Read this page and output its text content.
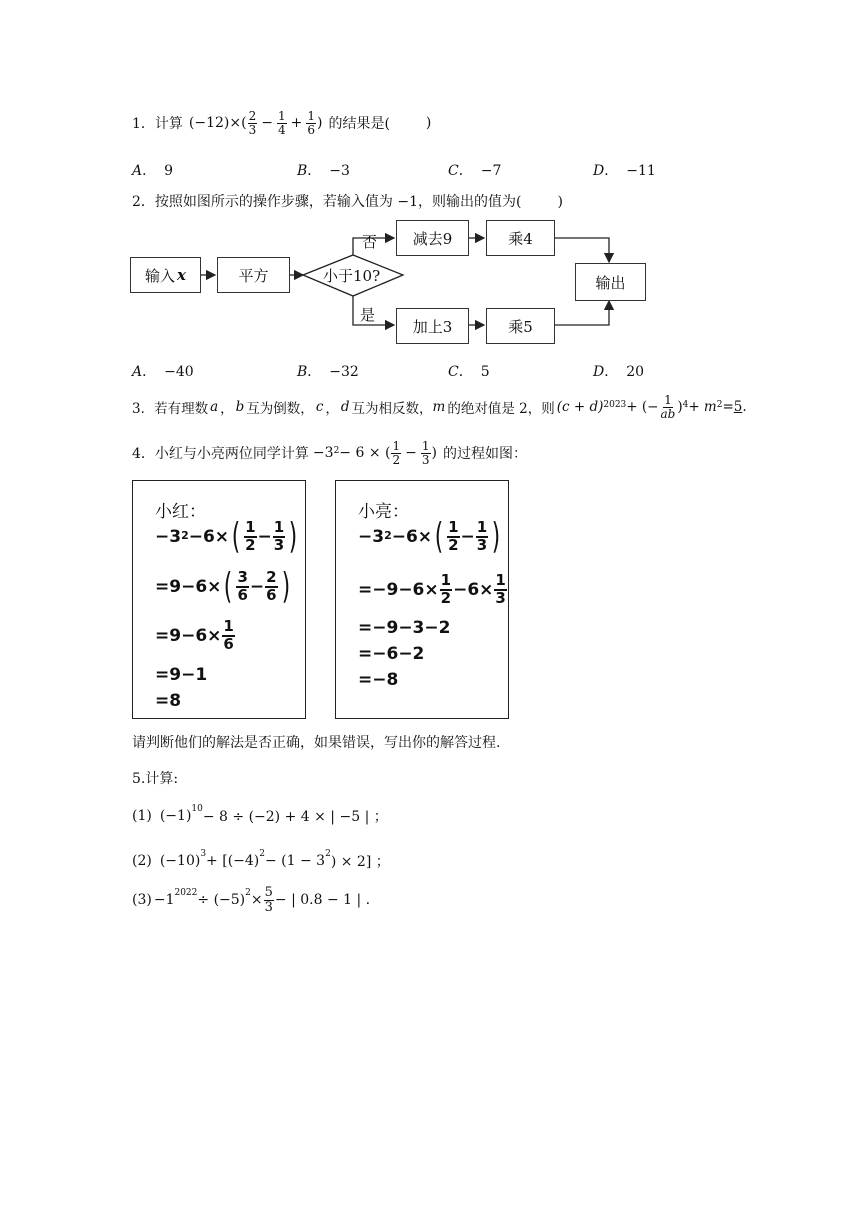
1． 计算 $(-12)\times( \frac{2}{3} - \frac{1}{4} + \frac{1}{6}$ ) 的结果是(	)
A． 9	B． −3	C． −7	D． −11
2．按照如图所示的操作步骤，若输入值为 −1，则输出的值为(	)
输入 x	平方	小于10?
否
是
减去9	乘4
加上3	乘5
输出
A． −40	B． −32	C． 5	D． 20
3．若有理数 a ， b 互为倒数， c ， d 互为相反数， m 的绝对值是 2，则 (c + d) 2023 + (− $\frac{1}{ab}$ ) 4 + m 2 = 5 .
4．小红与小亮两位同学计算 −3 2 − 6 × ( $\frac{1}{2} - \frac{1}{3}$ ) 的过程如图：
小红：
−3 2 −6× ( $\frac{1}{2} - \frac{1}{3}$ )
=9−6× ( $\frac{3}{6} - \frac{2}{6}$ )
$=9-6\times \frac{1}{6}$
=9−1
=8
小亮：
−3 2 −6× ( $\frac{1}{2} - \frac{1}{3}$ )
$=-9-6\times \frac{1}{2} -6\times \frac{1}{3}$
=−9−3−2
=−6−2
=−8
请判断他们的解法是否正确，如果错误，写出你的解答过程.
5.计算:
(1) $(-1)^{10} - 8 \div (-2) + 4$ × | −5 | ；
(2) $(-10)^3 + [(-4)^2 - (1 - 3^2$ ) × 2] ；
$(3) -1^{2022} \div (-5)^2 \times \frac{5}{3}$ − | 0.8 − 1 | .
